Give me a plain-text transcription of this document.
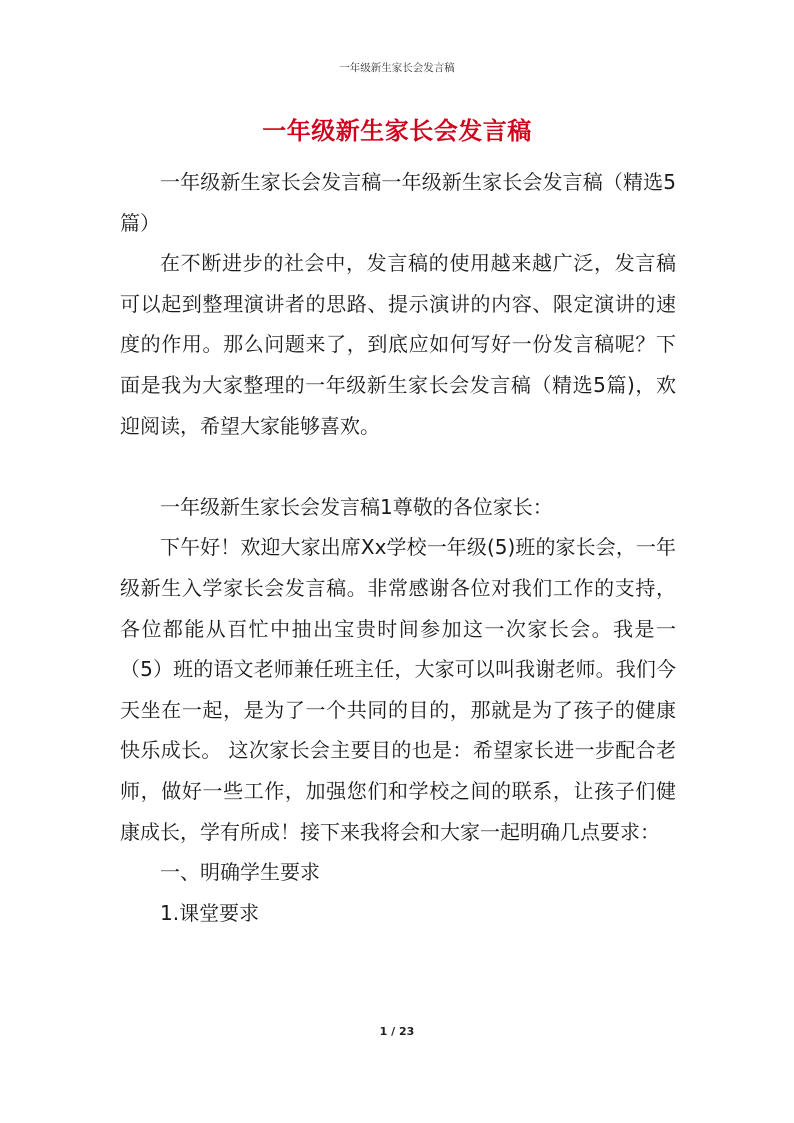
一年级新生家长会发言稿
一年级新生家长会发言稿

一年级新生家长会发言稿一年级新生家长会发言稿（精选5篇）

在不断进步的社会中，发言稿的使用越来越广泛，发言稿可以起到整理演讲者的思路、提示演讲的内容、限定演讲的速度的作用。那么问题来了，到底应如何写好一份发言稿呢？下面是我为大家整理的一年级新生家长会发言稿（精选5篇)，欢迎阅读，希望大家能够喜欢。

一年级新生家长会发言稿1尊敬的各位家长：

下午好！欢迎大家出席Xx学校一年级(5)班的家长会，一年级新生入学家长会发言稿。非常感谢各位对我们工作的支持，各位都能从百忙中抽出宝贵时间参加这一次家长会。我是一（5）班的语文老师兼任班主任，大家可以叫我谢老师。我们今天坐在一起，是为了一个共同的目的，那就是为了孩子的健康快乐成长。 这次家长会主要目的也是：希望家长进一步配合老师，做好一些工作，加强您们和学校之间的联系，让孩子们健康成长，学有所成！接下来我将会和大家一起明确几点要求：

一、明确学生要求

1.课堂要求

1 / 23
